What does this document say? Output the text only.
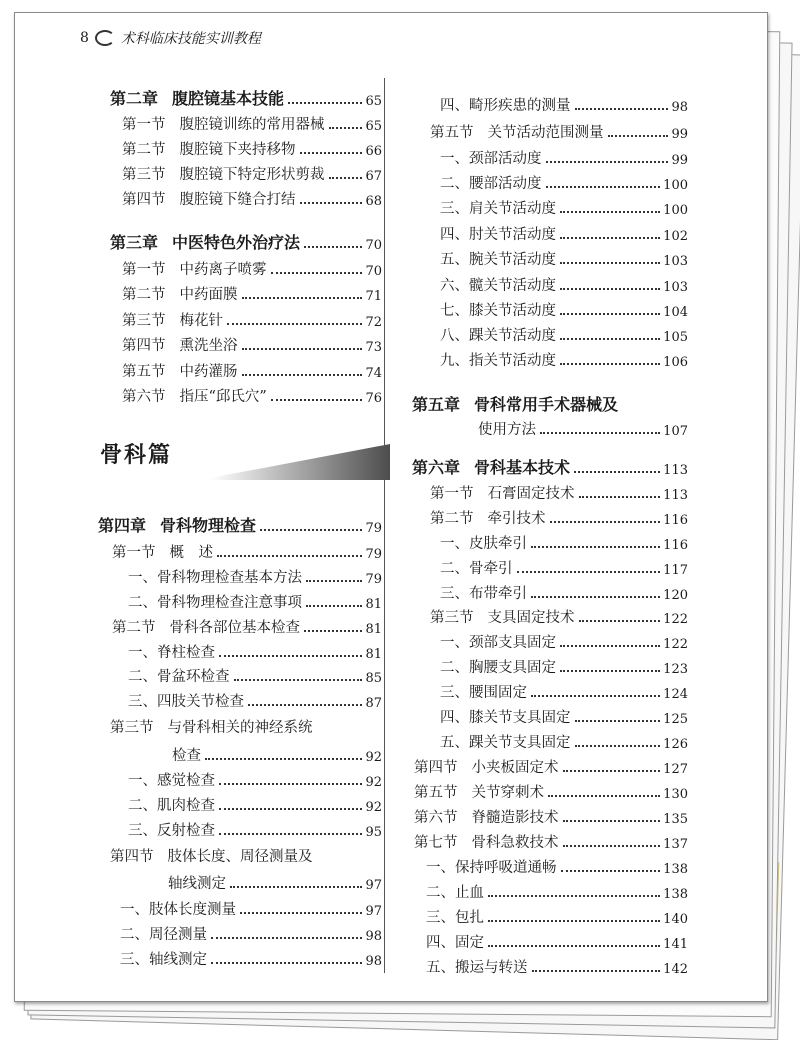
8 术科临床技能实训教程
骨科篇
第二章 腹腔镜基本技能	65
第一节 腹腔镜训练的常用器械	65
第二节 腹腔镜下夹持移物	66
第三节 腹腔镜下特定形状剪裁	67
第四节 腹腔镜下缝合打结	68
第三章 中医特色外治疗法	70
第一节 中药离子喷雾	70
第二节 中药面膜	71
第三节 梅花针	72
第四节 熏洗坐浴	73
第五节 中药灌肠	74
第六节 指压“邱氏穴”	76
第四章 骨科物理检查	79
第一节 概　述	79
一、骨科物理检查基本方法	79
二、骨科物理检查注意事项	81
第二节 骨科各部位基本检查	81
一、脊柱检查	81
二、骨盆环检查	85
三、四肢关节检查	87
第三节 与骨科相关的神经系统
检查	92
一、感觉检查	92
二、肌肉检查	92
三、反射检查	95
第四节 肢体长度、周径测量及
轴线测定	97
一、肢体长度测量	97
二、周径测量	98
三、轴线测定	98
四、畸形疾患的测量	98
第五节 关节活动范围测量	99
一、颈部活动度	99
二、腰部活动度	100
三、肩关节活动度	100
四、肘关节活动度	102
五、腕关节活动度	103
六、髋关节活动度	103
七、膝关节活动度	104
八、踝关节活动度	105
九、指关节活动度	106
第五章 骨科常用手术器械及
使用方法	107
第六章 骨科基本技术	113
第一节 石膏固定技术	113
第二节 牵引技术	116
一、皮肤牵引	116
二、骨牵引	117
三、布带牵引	120
第三节 支具固定技术	122
一、颈部支具固定	122
二、胸腰支具固定	123
三、腰围固定	124
四、膝关节支具固定	125
五、踝关节支具固定	126
第四节 小夹板固定术	127
第五节 关节穿刺术	130
第六节 脊髓造影技术	135
第七节 骨科急救技术	137
一、保持呼吸道通畅	138
二、止血	138
三、包扎	140
四、固定	141
五、搬运与转送	142
